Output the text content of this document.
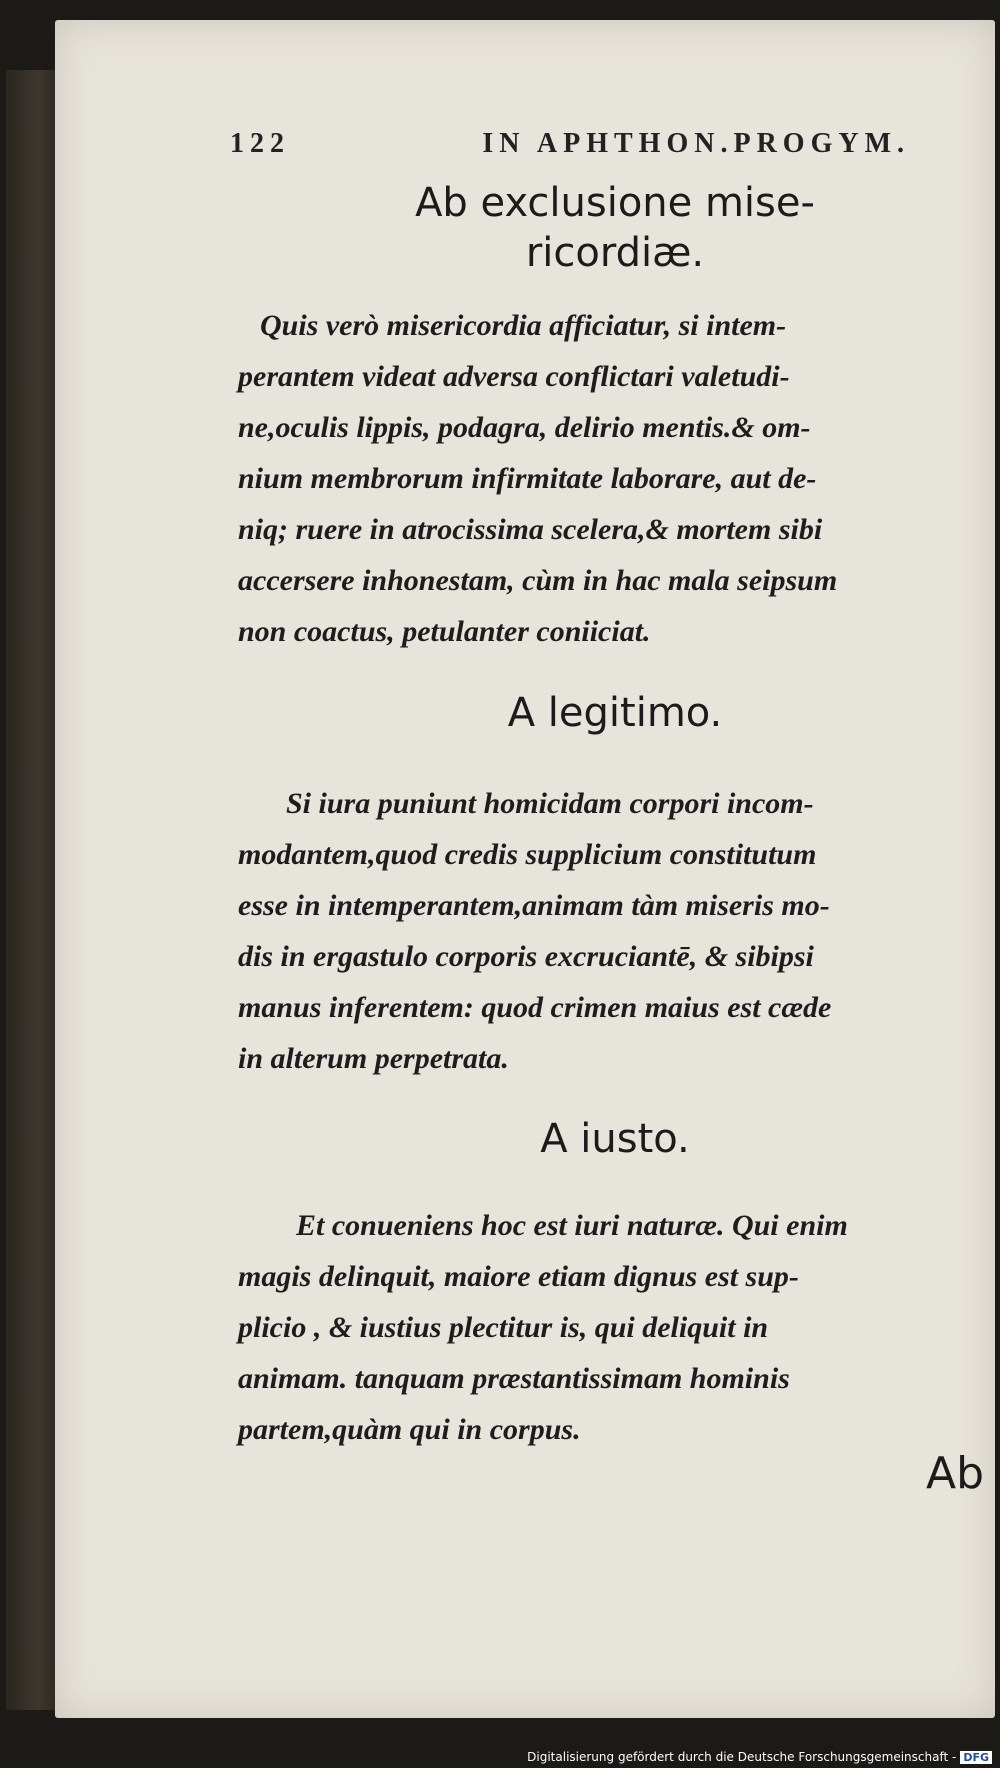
122	IN APHTHON.PROGYM.
Ab exclusione mise-
ricordiæ.
Quis verò misericordia afficiatur, si intem-
perantem videat adversa conflictari valetudi-
ne,oculis lippis, podagra, delirio mentis.& om-
nium membrorum infirmitate laborare, aut de-
niq; ruere in atrocissima scelera,& mortem sibi
accersere inhonestam, cùm in hac mala seipsum
non coactus, petulanter coniiciat.
A legitimo.
Si iura puniunt homicidam corpori incom-
modantem,quod credis supplicium constitutum
esse in intemperantem,animam tàm miseris mo-
dis in ergastulo corporis excruciantē, & sibipsi
manus inferentem: quod crimen maius est cæde
in alterum perpetrata.
A iusto.
Et conueniens hoc est iuri naturæ. Qui enim
magis delinquit, maiore etiam dignus est sup-
plicio , & iustius plectitur is, qui deliquit in
animam. tanquam præstantissimam hominis
partem,quàm qui in corpus.
Ab
Digitalisierung gefördert durch die Deutsche Forschungsgemeinschaft - DFG
